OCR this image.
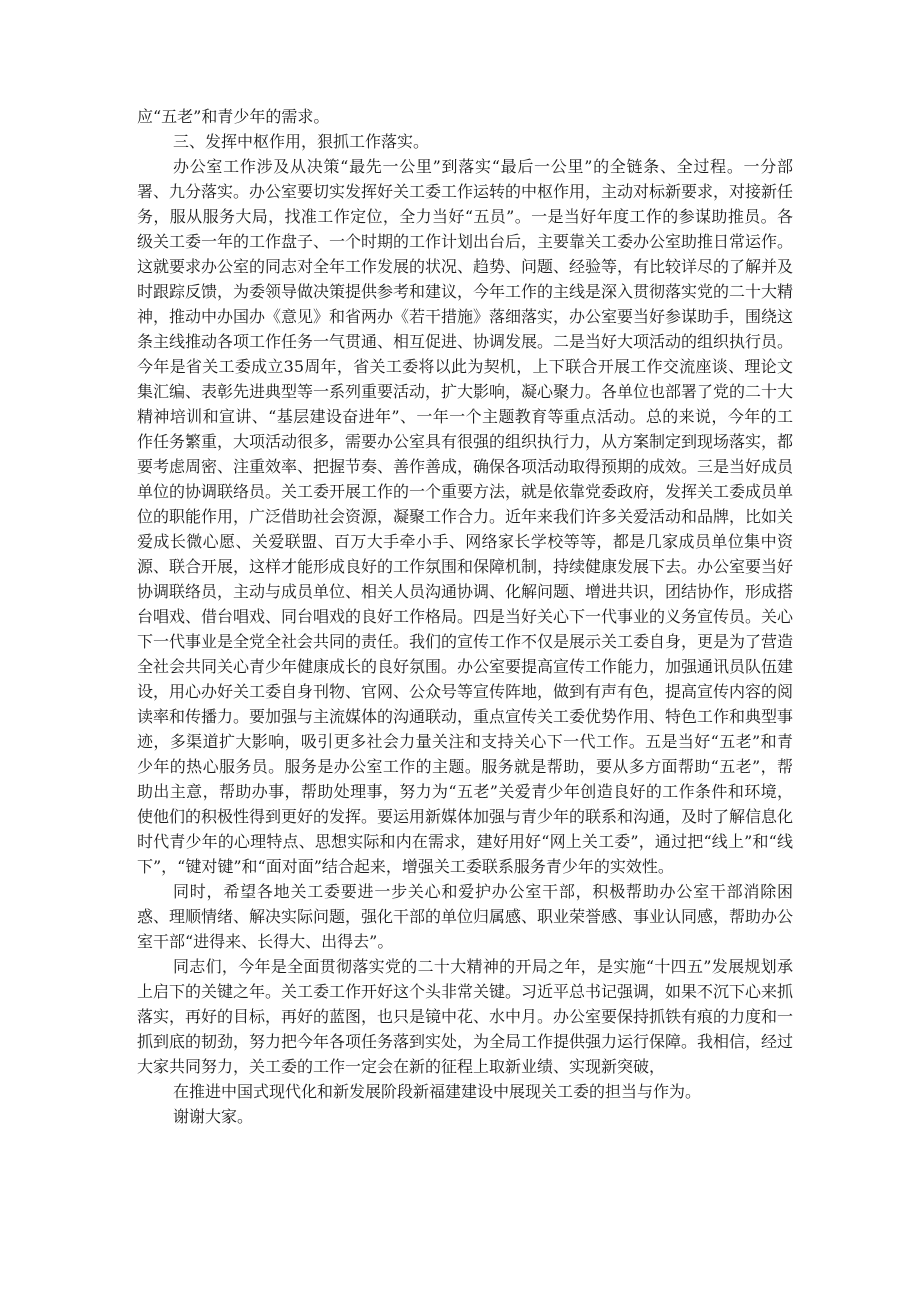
应“五老”和青少年的需求。

三、发挥中枢作用，狠抓工作落实。

办公室工作涉及从决策“最先一公里”到落实“最后一公里”的全链条、全过程。一分部署、九分落实。办公室要切实发挥好关工委工作运转的中枢作用，主动对标新要求，对接新任务，服从服务大局，找准工作定位，全力当好“五员”。一是当好年度工作的参谋助推员。各级关工委一年的工作盘子、一个时期的工作计划出台后，主要靠关工委办公室助推日常运作。这就要求办公室的同志对全年工作发展的状况、趋势、问题、经验等，有比较详尽的了解并及时跟踪反馈，为委领导做决策提供参考和建议，今年工作的主线是深入贯彻落实党的二十大精神，推动中办国办《意见》和省两办《若干措施》落细落实，办公室要当好参谋助手，围绕这条主线推动各项工作任务一气贯通、相互促进、协调发展。二是当好大项活动的组织执行员。今年是省关工委成立35周年，省关工委将以此为契机，上下联合开展工作交流座谈、理论文集汇编、表彰先进典型等一系列重要活动，扩大影响，凝心聚力。各单位也部署了党的二十大精神培训和宣讲、“基层建设奋进年”、一年一个主题教育等重点活动。总的来说，今年的工作任务繁重，大项活动很多，需要办公室具有很强的组织执行力，从方案制定到现场落实，都要考虑周密、注重效率、把握节奏、善作善成，确保各项活动取得预期的成效。三是当好成员单位的协调联络员。关工委开展工作的一个重要方法，就是依靠党委政府，发挥关工委成员单位的职能作用，广泛借助社会资源，凝聚工作合力。近年来我们许多关爱活动和品牌，比如关爱成长微心愿、关爱联盟、百万大手牵小手、网络家长学校等等，都是几家成员单位集中资源、联合开展，这样才能形成良好的工作氛围和保障机制，持续健康发展下去。办公室要当好协调联络员，主动与成员单位、相关人员沟通协调、化解问题、增进共识，团结协作，形成搭台唱戏、借台唱戏、同台唱戏的良好工作格局。四是当好关心下一代事业的义务宣传员。关心下一代事业是全党全社会共同的责任。我们的宣传工作不仅是展示关工委自身，更是为了营造全社会共同关心青少年健康成长的良好氛围。办公室要提高宣传工作能力，加强通讯员队伍建设，用心办好关工委自身刊物、官网、公众号等宣传阵地，做到有声有色，提高宣传内容的阅读率和传播力。要加强与主流媒体的沟通联动，重点宣传关工委优势作用、特色工作和典型事迹，多渠道扩大影响，吸引更多社会力量关注和支持关心下一代工作。五是当好“五老”和青少年的热心服务员。服务是办公室工作的主题。服务就是帮助，要从多方面帮助“五老”，帮助出主意，帮助办事，帮助处理事，努力为“五老”关爱青少年创造良好的工作条件和环境，使他们的积极性得到更好的发挥。要运用新媒体加强与青少年的联系和沟通，及时了解信息化时代青少年的心理特点、思想实际和内在需求，建好用好“网上关工委”，通过把“线上”和“线下”，“键对键”和“面对面”结合起来，增强关工委联系服务青少年的实效性。

同时，希望各地关工委要进一步关心和爱护办公室干部，积极帮助办公室干部消除困惑、理顺情绪、解决实际问题，强化干部的单位归属感、职业荣誉感、事业认同感，帮助办公室干部“进得来、长得大、出得去”。

同志们，今年是全面贯彻落实党的二十大精神的开局之年，是实施“十四五”发展规划承上启下的关键之年。关工委工作开好这个头非常关键。习近平总书记强调，如果不沉下心来抓落实，再好的目标，再好的蓝图，也只是镜中花、水中月。办公室要保持抓铁有痕的力度和一抓到底的韧劲，努力把今年各项任务落到实处，为全局工作提供强力运行保障。我相信，经过大家共同努力，关工委的工作一定会在新的征程上取新业绩、实现新突破，

在推进中国式现代化和新发展阶段新福建建设中展现关工委的担当与作为。

谢谢大家。
